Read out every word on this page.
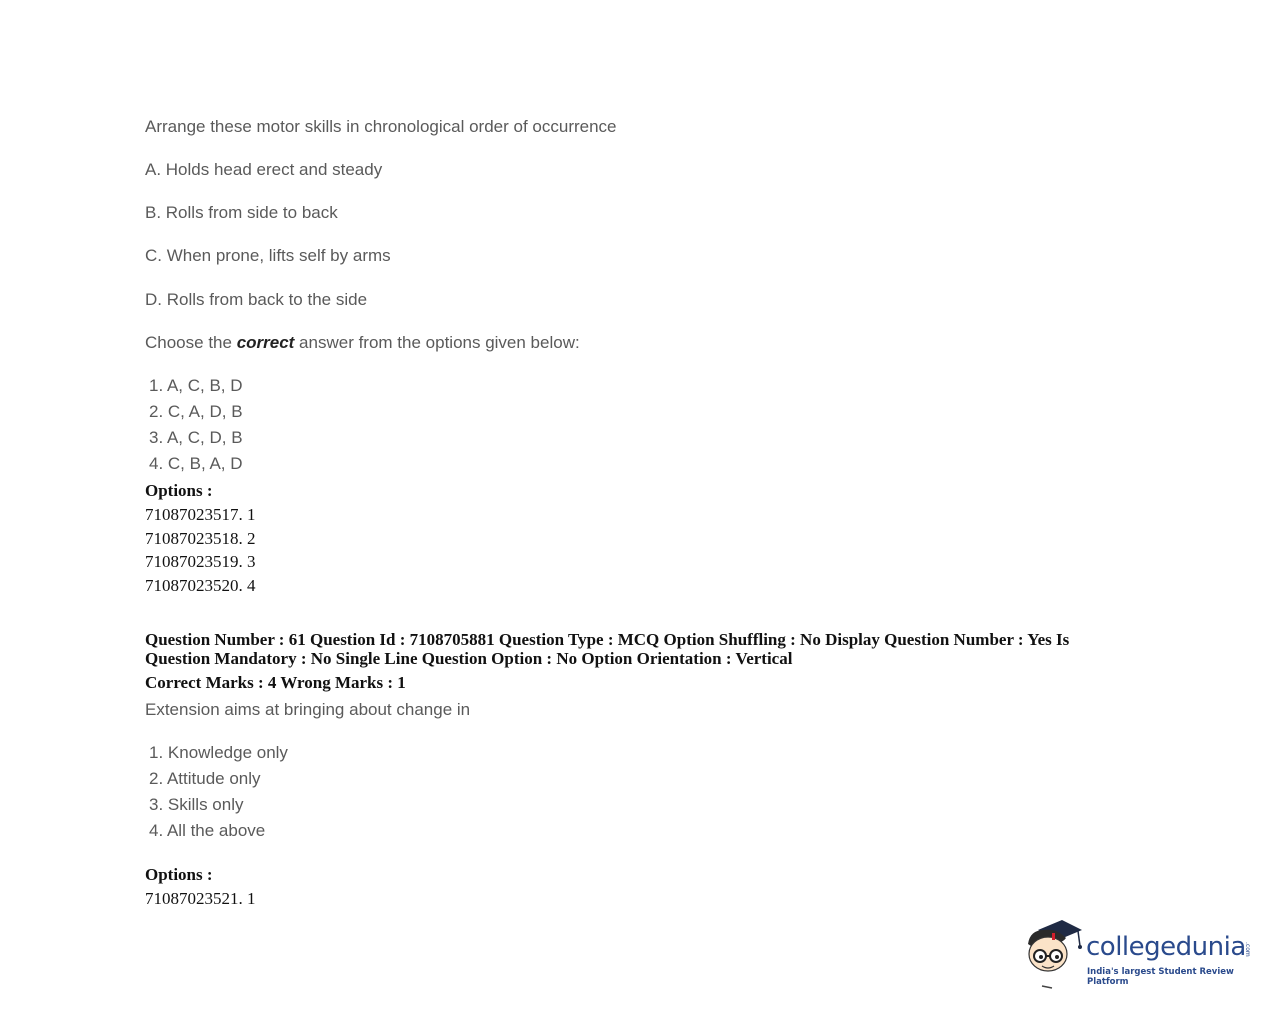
Arrange these motor skills in chronological order of occurrence
A. Holds head erect and steady
B. Rolls from side to back
C. When prone, lifts self by arms
D. Rolls from back to the side
Choose the correct answer from the options given below:
1. A, C, B, D
2. C, A, D, B
3. A, C, D, B
4. C, B, A, D
Options :
71087023517. 1
71087023518. 2
71087023519. 3
71087023520. 4
Question Number : 61 Question Id : 7108705881 Question Type : MCQ Option Shuffling : No Display Question Number : Yes Is
Question Mandatory : No Single Line Question Option : No Option Orientation : Vertical
Correct Marks : 4 Wrong Marks : 1
Extension aims at bringing about change in
1. Knowledge only
2. Attitude only
3. Skills only
4. All the above
Options :
71087023521. 1
collegedunia
.com
India's largest Student Review Platform
